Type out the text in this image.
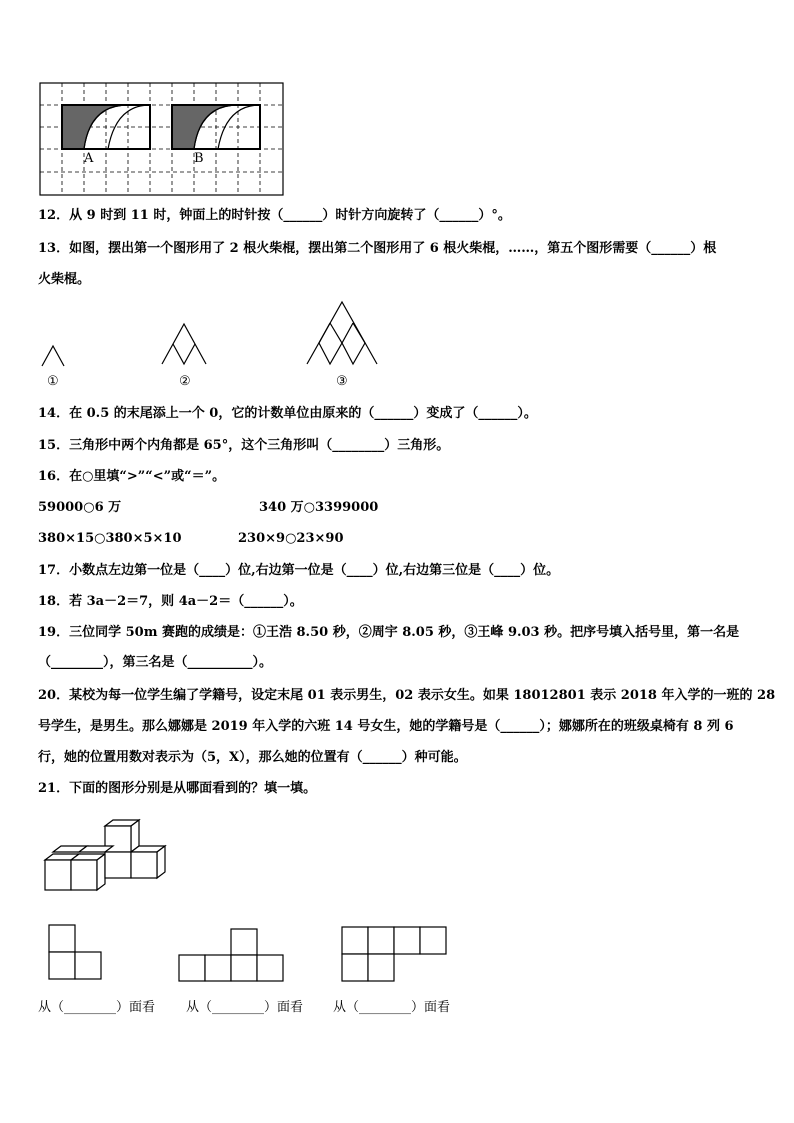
A	B
12．从 9 时到 11 时，钟面上的时针按（______）时针方向旋转了（______）°。
13．如图，摆出第一个图形用了 2 根火柴棍，摆出第二个图形用了 6 根火柴棍，……，第五个图形需要（______）根
火柴棍。
①	②	③
14．在 0.5 的末尾添上一个 0，它的计数单位由原来的（______）变成了（______）。
15．三角形中两个内角都是 65°，这个三角形叫（________）三角形。
16．在○里填“>”“<”或“＝”。
59000○6 万	340 万○3399000
380×15○380×5×10	230×9○23×90
17．小数点左边第一位是（____）位,右边第一位是（____）位,右边第三位是（____）位。
18．若 3a－2＝7，则 4a－2＝（______）。
19．三位同学 50m 赛跑的成绩是：①王浩 8.50 秒，②周宇 8.05 秒，③王峰 9.03 秒。把序号填入括号里，第一名是
（________），第三名是（__________）。
20．某校为每一位学生编了学籍号，设定末尾 01 表示男生，02 表示女生。如果 18012801 表示 2018 年入学的一班的 28
号学生，是男生。那么娜娜是 2019 年入学的六班 14 号女生，她的学籍号是（______）；娜娜所在的班级桌椅有 8 列 6
行，她的位置用数对表示为（5，X），那么她的位置有（______）种可能。
21．下面的图形分别是从哪面看到的？填一填。
从（________）面看 从（________）面看 从（________）面看
